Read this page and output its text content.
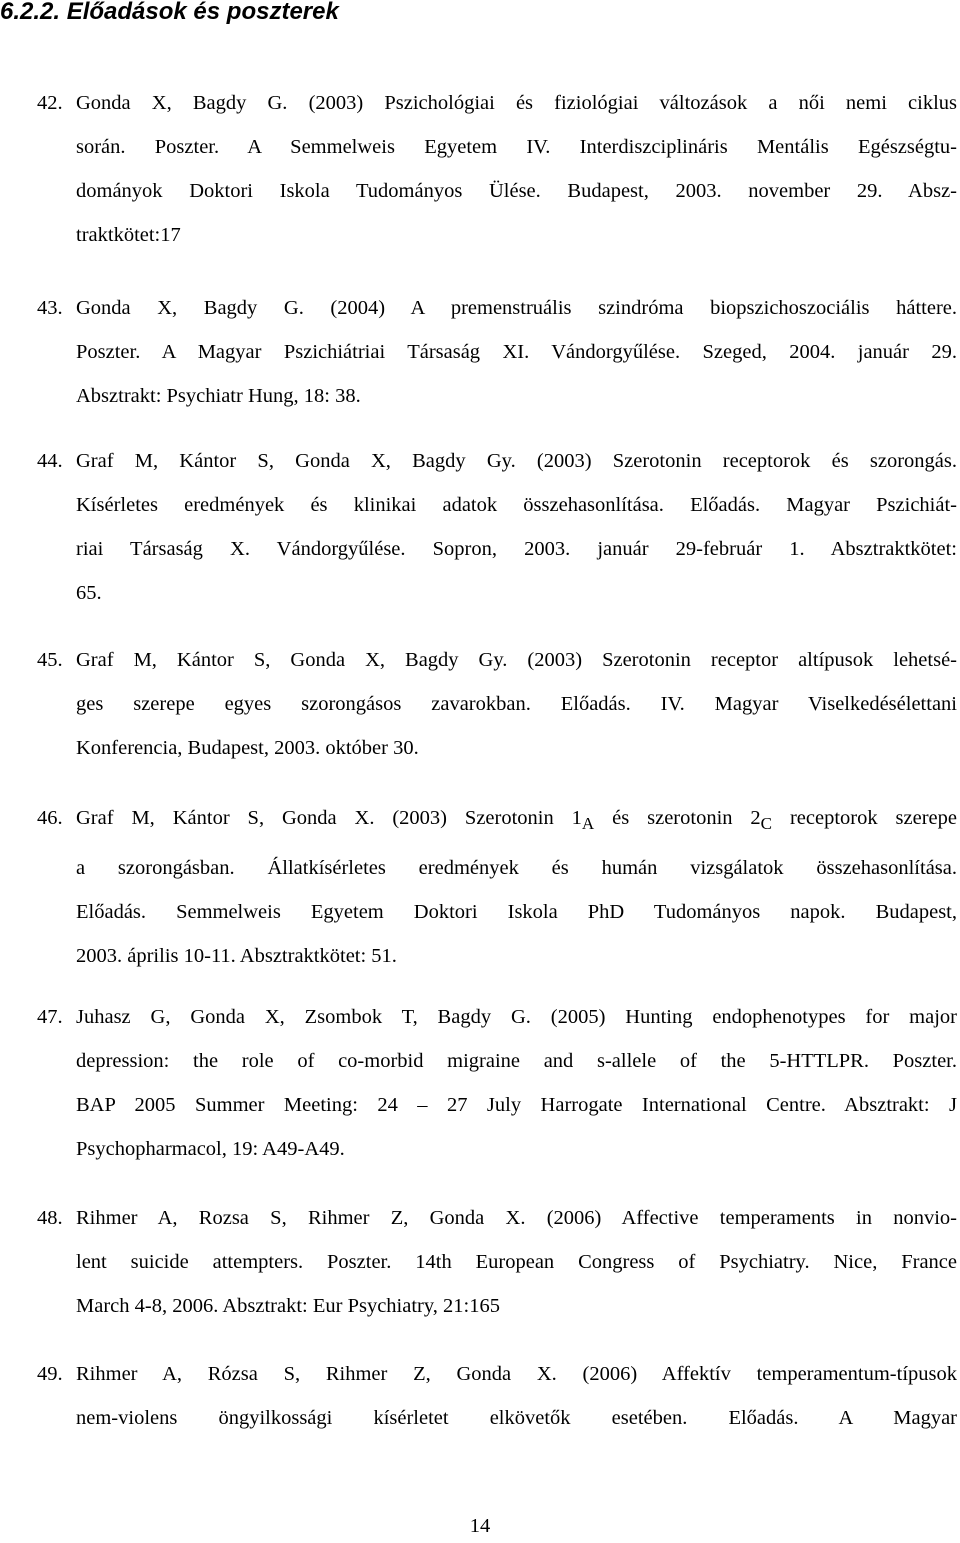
6.2.2. Előadások és poszterek
42. Gonda X, Bagdy G. (2003) Pszichológiai és fiziológiai változások a női nemi ciklus
során. Poszter. A Semmelweis Egyetem IV. Interdiszciplináris Mentális Egészségtu-
dományok Doktori Iskola Tudományos Ülése. Budapest, 2003. november 29. Absz-
traktkötet:17
43. Gonda X, Bagdy G. (2004) A premenstruális szindróma biopszichoszociális háttere.
Poszter. A Magyar Pszichiátriai Társaság XI. Vándorgyűlése. Szeged, 2004. január 29.
Absztrakt: Psychiatr Hung, 18: 38.
44. Graf M, Kántor S, Gonda X, Bagdy Gy. (2003) Szerotonin receptorok és szorongás.
Kísérletes eredmények és klinikai adatok összehasonlítása. Előadás. Magyar Pszichiát-
riai Társaság X. Vándorgyűlése. Sopron, 2003. január 29-február 1. Absztraktkötet:
65.
45. Graf M, Kántor S, Gonda X, Bagdy Gy. (2003) Szerotonin receptor altípusok lehetsé-
ges szerepe egyes szorongásos zavarokban. Előadás. IV. Magyar Viselkedésélettani
Konferencia, Budapest, 2003. október 30.
46. Graf M, Kántor S, Gonda X. (2003) Szerotonin $1_A$ és szerotonin $2_C$ receptorok szerepe
a szorongásban. Állatkísérletes eredmények és humán vizsgálatok összehasonlítása.
Előadás. Semmelweis Egyetem Doktori Iskola PhD Tudományos napok. Budapest,
2003. április 10-11. Absztraktkötet: 51.
47. Juhasz G, Gonda X, Zsombok T, Bagdy G. (2005) Hunting endophenotypes for major
depression: the role of co-morbid migraine and s-allele of the 5-HTTLPR. Poszter.
BAP 2005 Summer Meeting: 24 – 27 July Harrogate International Centre. Absztrakt: J
Psychopharmacol, 19: A49-A49.
48. Rihmer A, Rozsa S, Rihmer Z, Gonda X. (2006) Affective temperaments in nonvio-
lent suicide attempters. Poszter. 14th European Congress of Psychiatry. Nice, France
March 4-8, 2006. Absztrakt: Eur Psychiatry, 21:165
49. Rihmer A, Rózsa S, Rihmer Z, Gonda X. (2006) Affektív temperamentum-típusok
nem-violens öngyilkossági kísérletet elkövetők esetében. Előadás. A Magyar
14
